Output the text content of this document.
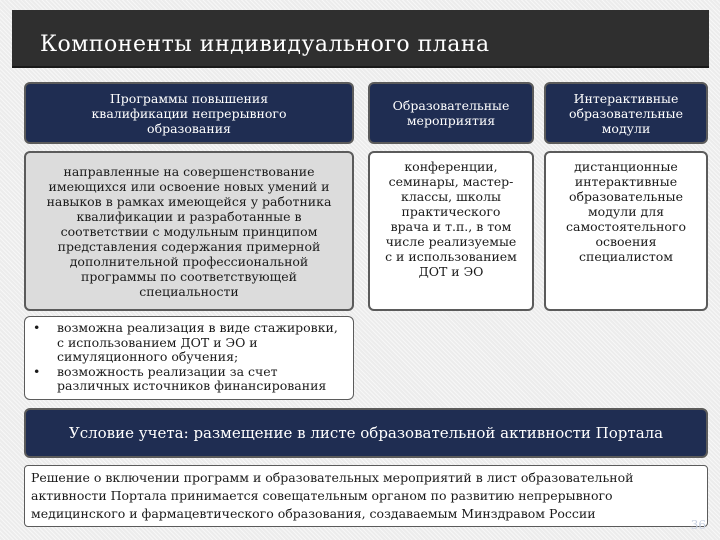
Компоненты индивидуального плана
Программы повышения квалификации непрерывного образования
Образовательные мероприятия
Интерактивные образовательные модули
направленные на совершенствование имеющихся или освоение новых умений и навыков в рамках имеющейся у работника квалификации и разработанные в соответствии с модульным принципом представления содержания примерной дополнительной профессиональной программы по соответствующей специальности
конференции, семинары, мастер-классы, школы практического врача и т.п., в том числе реализуемые с и использованием ДОТ и ЭО
дистанционные интерактивные образовательные модули для самостоятельного освоения специалистом
• возможна реализация в виде стажировки, с использованием ДОТ и ЭО и симуляционного обучения;
• возможность реализации за счет различных источников финансирования
Условие учета: размещение в листе образовательной активности Портала
Решение о включении программ и образовательных мероприятий в лист образовательной активности Портала принимается совещательным органом по развитию непрерывного медицинского и фармацевтического образования, создаваемым Минздравом России
36
